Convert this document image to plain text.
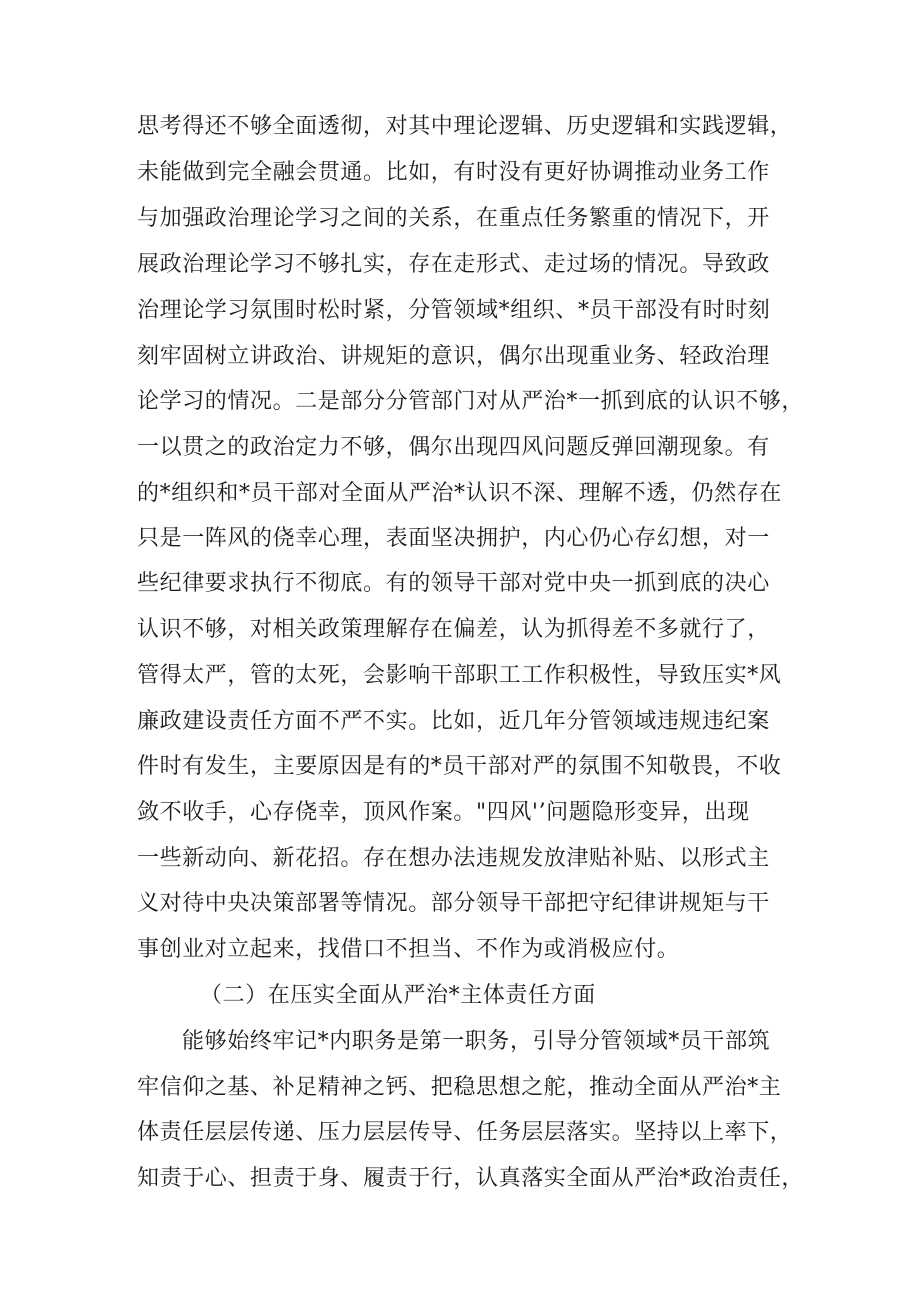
思考得还不够全面透彻，对其中理论逻辑、历史逻辑和实践逻辑，
未能做到完全融会贯通。比如，有时没有更好协调推动业务工作
与加强政治理论学习之间的关系，在重点任务繁重的情况下，开
展政治理论学习不够扎实，存在走形式、走过场的情况。导致政
治理论学习氛围时松时紧，分管领域*组织、*员干部没有时时刻
刻牢固树立讲政治、讲规矩的意识，偶尔出现重业务、轻政治理
论学习的情况。二是部分分管部门对从严治*一抓到底的认识不够，
一以贯之的政治定力不够，偶尔出现四风问题反弹回潮现象。有
的*组织和*员干部对全面从严治*认识不深、理解不透，仍然存在
只是一阵风的侥幸心理，表面坚决拥护，内心仍心存幻想，对一
些纪律要求执行不彻底。有的领导干部对党中央一抓到底的决心
认识不够，对相关政策理解存在偏差，认为抓得差不多就行了，
管得太严，管的太死，会影响干部职工工作积极性，导致压实*风
廉政建设责任方面不严不实。比如，近几年分管领域违规违纪案
件时有发生，主要原因是有的*员干部对严的氛围不知敬畏，不收
敛不收手，心存侥幸，顶风作案。"四风'’问题隐形变异，出现
一些新动向、新花招。存在想办法违规发放津贴补贴、以形式主
义对待中央决策部署等情况。部分领导干部把守纪律讲规矩与干
事创业对立起来，找借口不担当、不作为或消极应付。
（二）在压实全面从严治*主体责任方面
能够始终牢记*内职务是第一职务，引导分管领域*员干部筑
牢信仰之基、补足精神之钙、把稳思想之舵，推动全面从严治*主
体责任层层传递、压力层层传导、任务层层落实。坚持以上率下，
知责于心、担责于身、履责于行，认真落实全面从严治*政治责任，
